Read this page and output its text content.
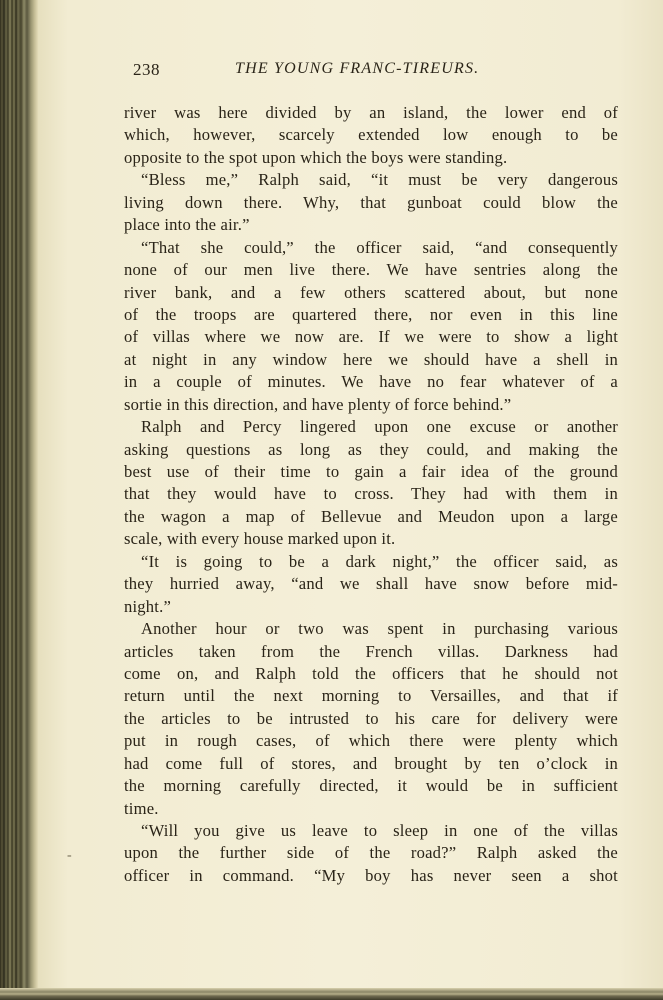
238	THE YOUNG FRANC-TIREURS.
-
river was here divided by an island, the lower end of
which, however, scarcely extended low enough to be
opposite to the spot upon which the boys were standing.
“Bless me,” Ralph said, “it must be very dangerous
living down there. Why, that gunboat could blow the
place into the air.”
“That she could,” the officer said, “and consequently
none of our men live there. We have sentries along the
river bank, and a few others scattered about, but none
of the troops are quartered there, nor even in this line
of villas where we now are. If we were to show a light
at night in any window here we should have a shell in
in a couple of minutes. We have no fear whatever of a
sortie in this direction, and have plenty of force behind.”
Ralph and Percy lingered upon one excuse or another
asking questions as long as they could, and making the
best use of their time to gain a fair idea of the ground
that they would have to cross. They had with them in
the wagon a map of Bellevue and Meudon upon a large
scale, with every house marked upon it.
“It is going to be a dark night,” the officer said, as
they hurried away, “and we shall have snow before mid-
night.”
Another hour or two was spent in purchasing various
articles taken from the French villas. Darkness had
come on, and Ralph told the officers that he should not
return until the next morning to Versailles, and that if
the articles to be intrusted to his care for delivery were
put in rough cases, of which there were plenty which
had come full of stores, and brought by ten o’clock in
the morning carefully directed, it would be in sufficient
time.
“Will you give us leave to sleep in one of the villas
upon the further side of the road?” Ralph asked the
officer in command. “My boy has never seen a shot
